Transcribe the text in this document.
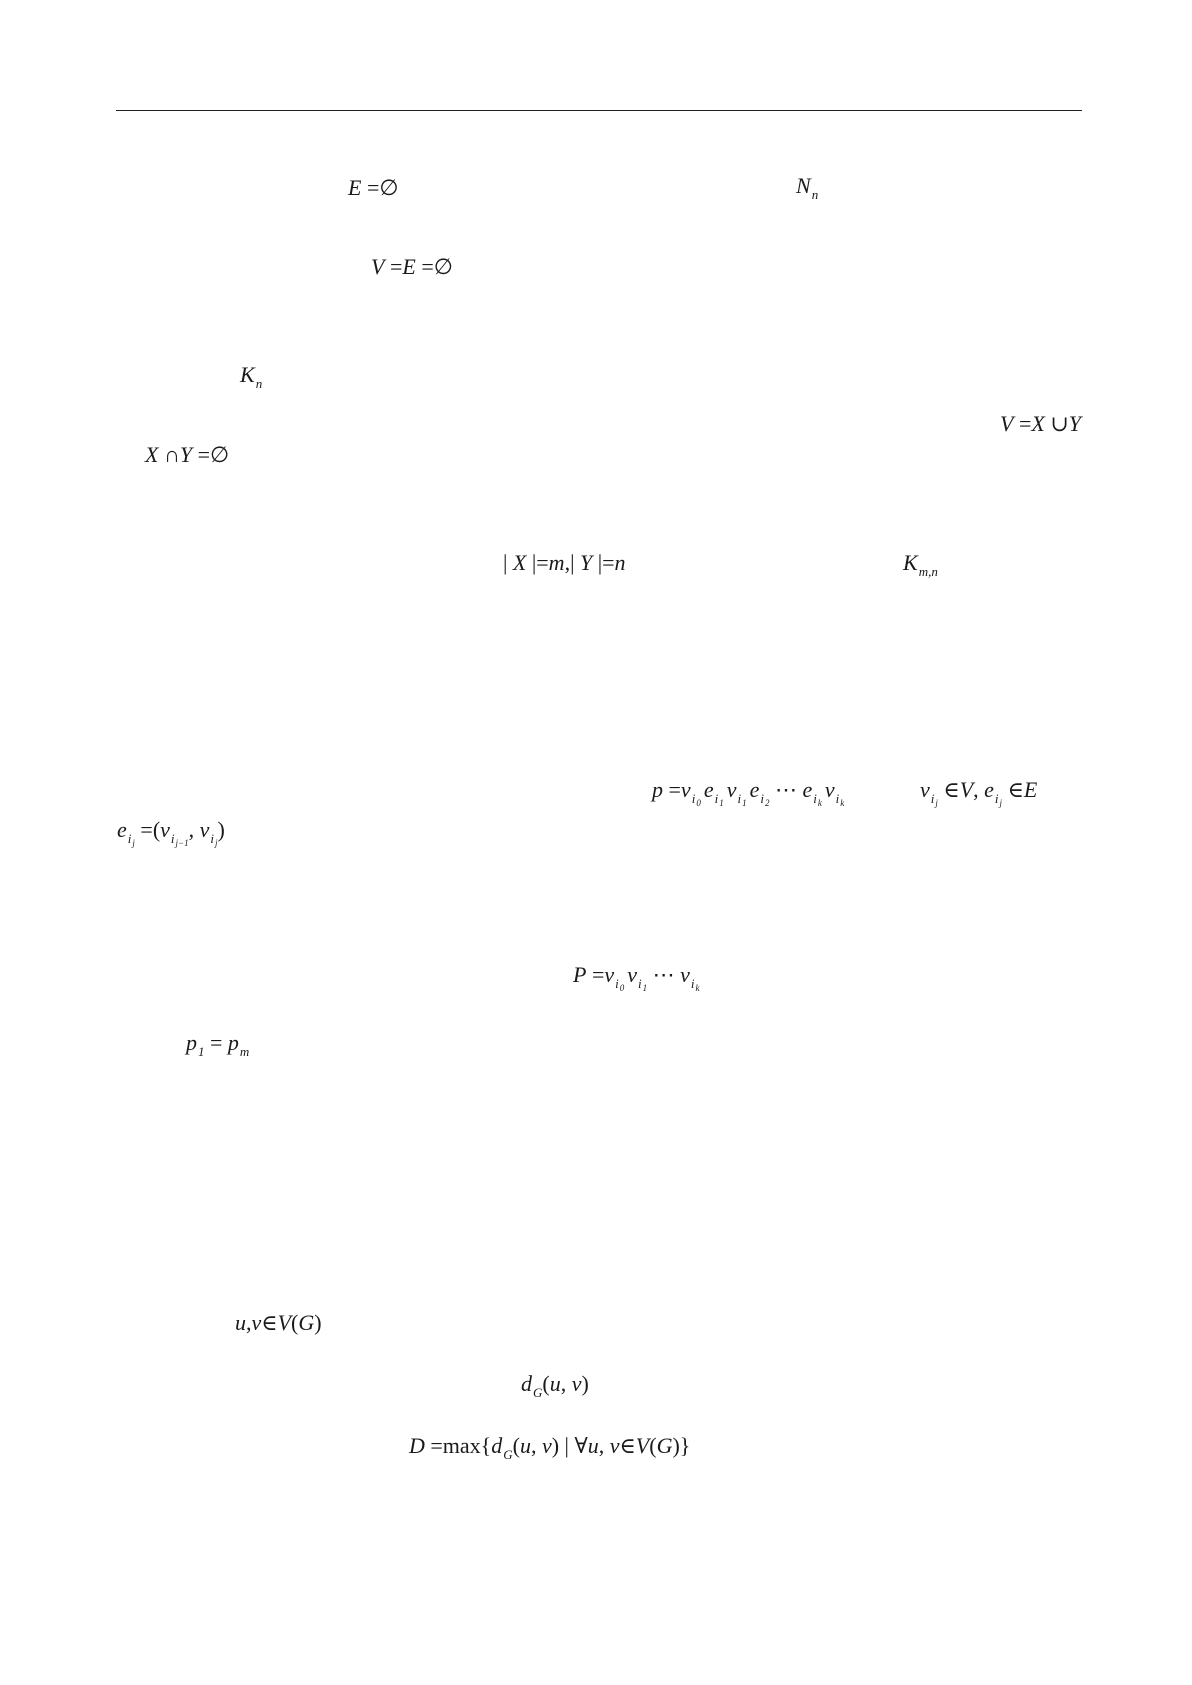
E =∅	$N_n$
V =E =∅
$K_n$
V =X ∪Y
X ∩Y =∅
| X |=m,| Y |=n	$K_{m,n}$
$p =v_{i_0}e_{i_1}v_{i_1}e_{i_2}$ ⋯ $e_{i_k}v_{i_k}$
$v_{i_j}$ ∈V, $e_{i_j}$ ∈E
$e_{i_j} =(v_{i_{j-1}}$, $v_{i_j}$)
$P =v_{i_0}v_{i_1}$ ⋯ $v_{i_k}$
$p_1 = p_m$
u,v∈V(G)
$d_G(u$, v)
$D =\max\{d_G(u$, v) | ∀u, v∈V(G)}
